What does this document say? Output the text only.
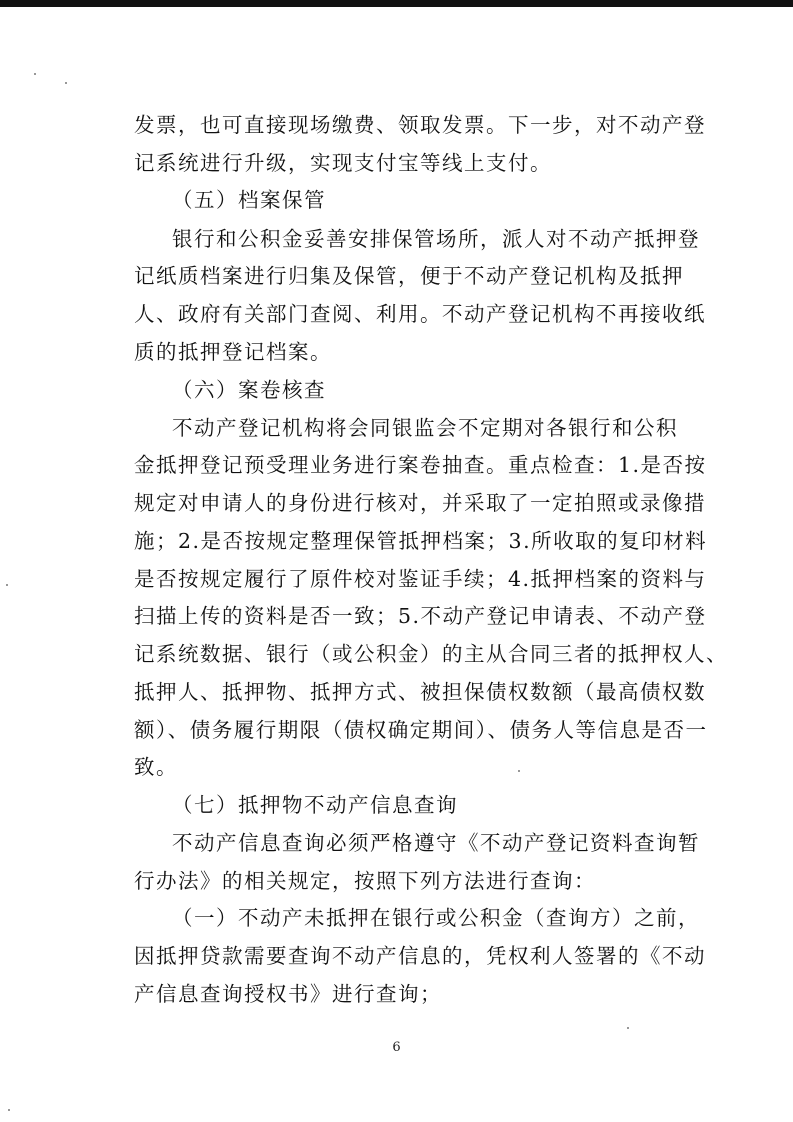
发票，也可直接现场缴费、领取发票。下一步，对不动产登
记系统进行升级，实现支付宝等线上支付。
（五）档案保管
银行和公积金妥善安排保管场所，派人对不动产抵押登
记纸质档案进行归集及保管，便于不动产登记机构及抵押
人、政府有关部门查阅、利用。不动产登记机构不再接收纸
质的抵押登记档案。
（六）案卷核查
不动产登记机构将会同银监会不定期对各银行和公积
金抵押登记预受理业务进行案卷抽查。重点检查：1.是否按
规定对申请人的身份进行核对，并采取了一定拍照或录像措
施；2.是否按规定整理保管抵押档案；3.所收取的复印材料
是否按规定履行了原件校对鉴证手续；4.抵押档案的资料与
扫描上传的资料是否一致；5.不动产登记申请表、不动产登
记系统数据、银行（或公积金）的主从合同三者的抵押权人、
抵押人、抵押物、抵押方式、被担保债权数额（最高债权数
额）、债务履行期限（债权确定期间）、债务人等信息是否一
致。
（七）抵押物不动产信息查询
不动产信息查询必须严格遵守《不动产登记资料查询暂
行办法》的相关规定，按照下列方法进行查询：
（一）不动产未抵押在银行或公积金（查询方）之前，
因抵押贷款需要查询不动产信息的，凭权利人签署的《不动
产信息查询授权书》进行查询；
6
